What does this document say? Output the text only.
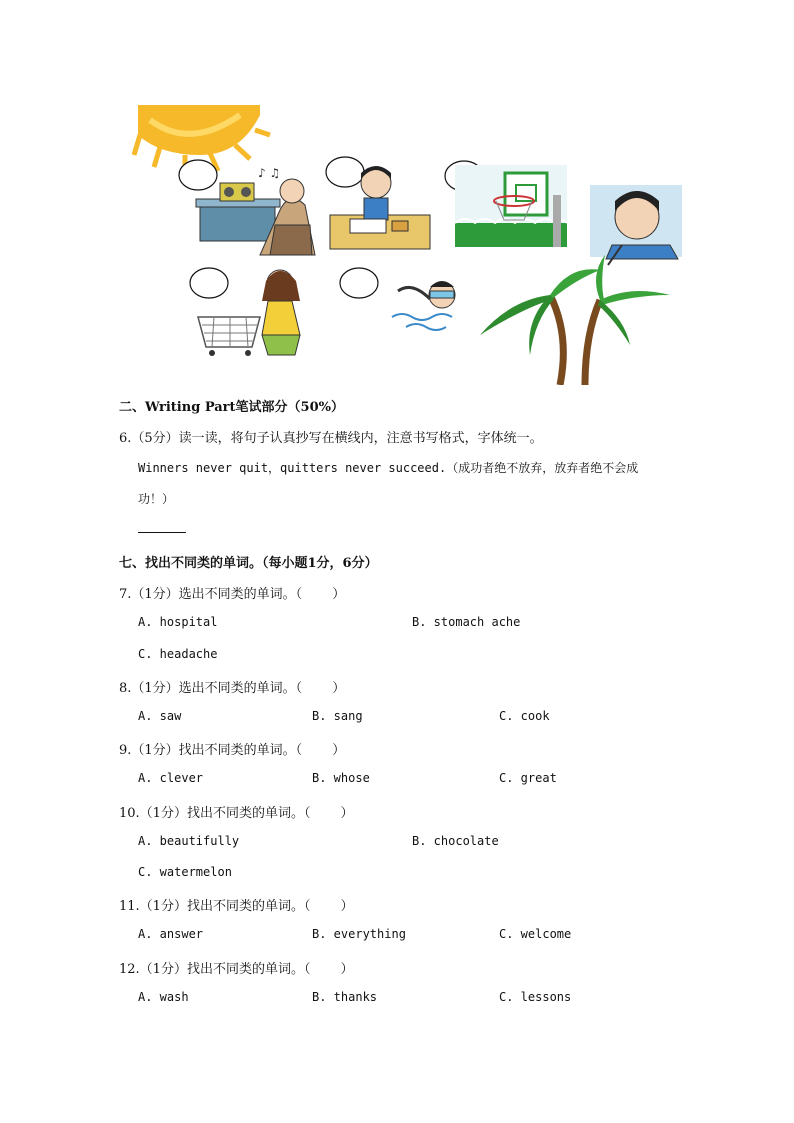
♪ ♫
二、Writing Part笔试部分（50%）
6.（5分）读一读，将句子认真抄写在横线内，注意书写格式，字体统一。
Winners never quit，quitters never succeed.（成功者绝不放弃，放弃者绝不会成
功！）
七、找出不同类的单词。（每小题1分，6分）
7.（1分）选出不同类的单词。（ ）
A. hospital	B. stomach ache
C. headache
8.（1分）选出不同类的单词。（ ）
A. saw	B. sang	C. cook
9.（1分）找出不同类的单词。（ ）
A. clever	B. whose	C. great
10.（1分）找出不同类的单词。（ ）
A. beautifully	B. chocolate
C. watermelon
11.（1分）找出不同类的单词。（ ）
A. answer	B. everything	C. welcome
12.（1分）找出不同类的单词。（ ）
A. wash	B. thanks	C. lessons
